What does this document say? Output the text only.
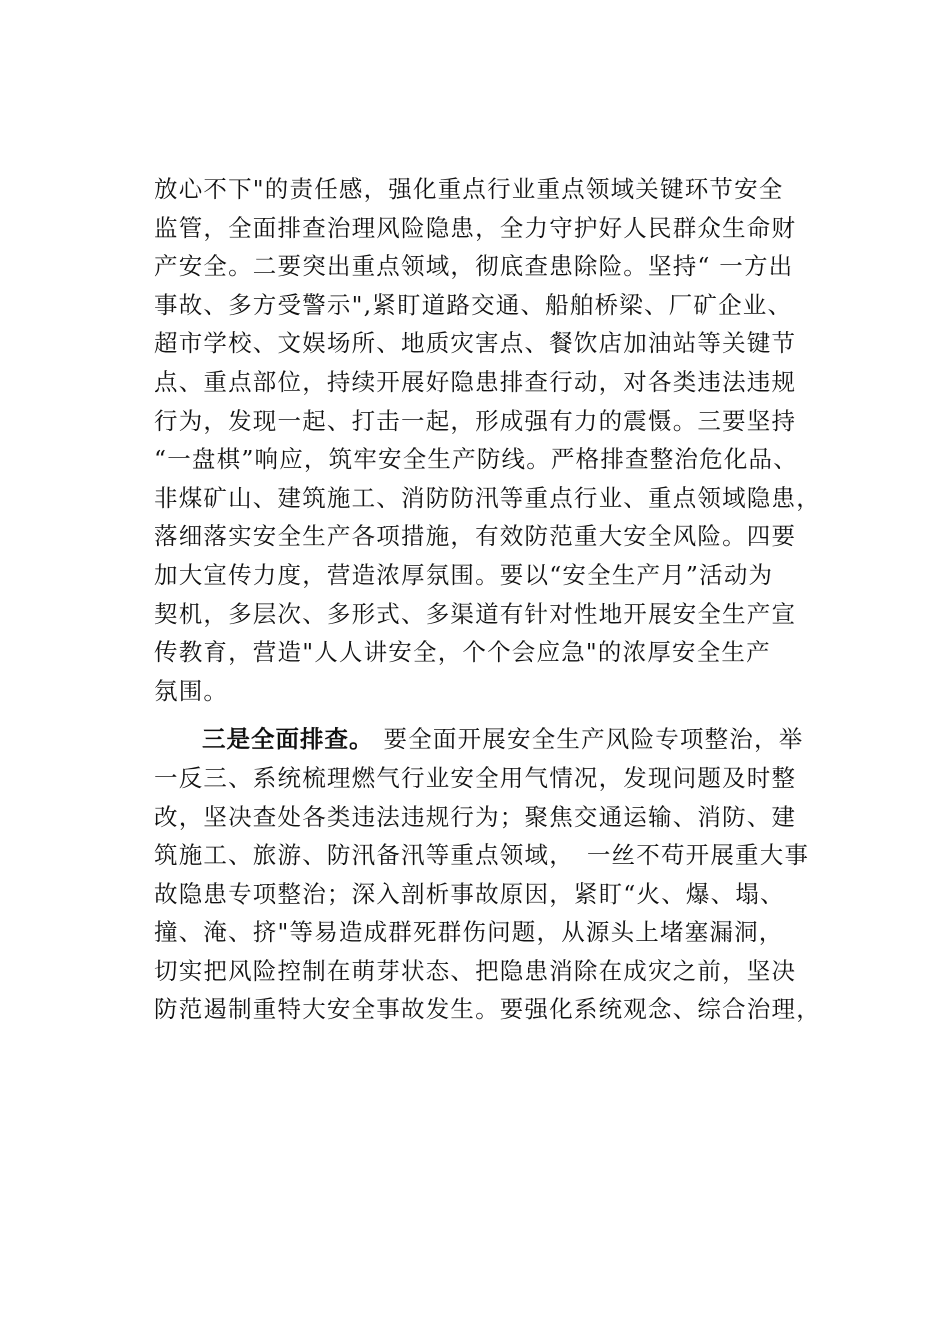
放心不下"的责任感，强化重点行业重点领域关键环节安全
监管，全面排查治理风险隐患，全力守护好人民群众生命财
产安全。二要突出重点领域，彻底查患除险。坚持“ 一方出
事故、多方受警示",紧盯道路交通、船舶桥梁、厂矿企业、
超市学校、文娱场所、地质灾害点、餐饮店加油站等关键节
点、重点部位，持续开展好隐患排查行动，对各类违法违规
行为，发现一起、打击一起，形成强有力的震慑。三要坚持
“一盘棋”响应，筑牢安全生产防线。严格排查整治危化品、
非煤矿山、建筑施工、消防防汛等重点行业、重点领域隐患，
落细落实安全生产各项措施，有效防范重大安全风险。四要
加大宣传力度，营造浓厚氛围。要以“安全生产月”活动为
契机，多层次、多形式、多渠道有针对性地开展安全生产宣
传教育，营造"人人讲安全，个个会应急"的浓厚安全生产
氛围。
三是全面排查。 要全面开展安全生产风险专项整治，举
一反三、系统梳理燃气行业安全用气情况，发现问题及时整
改，坚决查处各类违法违规行为；聚焦交通运输、消防、建
筑施工、旅游、防汛备汛等重点领域，　一丝不苟开展重大事
故隐患专项整治；深入剖析事故原因，紧盯“火、爆、塌、
撞、淹、挤"等易造成群死群伤问题，从源头上堵塞漏洞，
切实把风险控制在萌芽状态、把隐患消除在成灾之前，坚决
防范遏制重特大安全事故发生。要强化系统观念、综合治理，
